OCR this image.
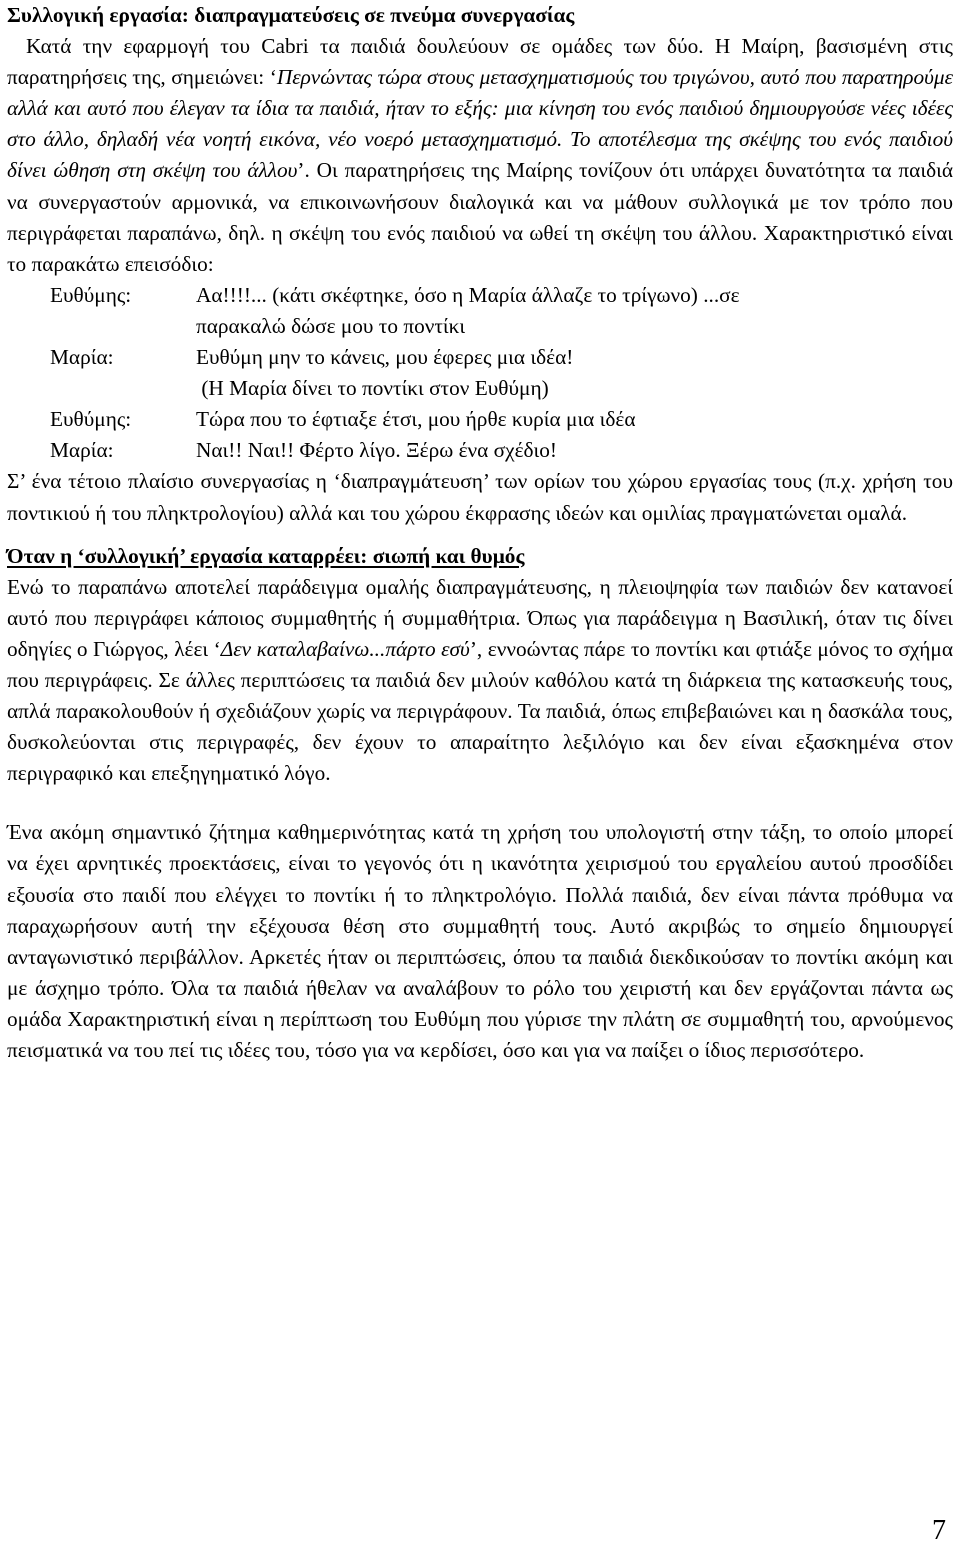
Συλλογική εργασία: διαπραγματεύσεις σε πνεύμα συνεργασίας

Κατά την εφαρμογή του Cabri τα παιδιά δουλεύουν σε ομάδες των δύο. Η Μαίρη, βασισμένη στις παρατηρήσεις της, σημειώνει: ‘Περνώντας τώρα στους μετασχηματισμούς του τριγώνου, αυτό που παρατηρούμε αλλά και αυτό που έλεγαν τα ίδια τα παιδιά, ήταν το εξής: μια κίνηση του ενός παιδιού δημιουργούσε νέες ιδέες στο άλλο, δηλαδή νέα νοητή εικόνα, νέο νοερό μετασχηματισμό. Το αποτέλεσμα της σκέψης του ενός παιδιού δίνει ώθηση στη σκέψη του άλλου’. Οι παρατηρήσεις της Μαίρης τονίζουν ότι υπάρχει δυνατότητα τα παιδιά να συνεργαστούν αρμονικά, να επικοινωνήσουν διαλογικά και να μάθουν συλλογικά με τον τρόπο που περιγράφεται παραπάνω, δηλ. η σκέψη του ενός παιδιού να ωθεί τη σκέψη του άλλου. Χαρακτηριστικό είναι το παρακάτω επεισόδιο:

Ευθύμης:	Αα!!!!... (κάτι σκέφτηκε, όσο η Μαρία άλλαζε το τρίγωνο) ...σε
παρακαλώ δώσε μου το ποντίκι
Μαρία:	Ευθύμη μην το κάνεις, μου έφερες μια ιδέα!
(Η Μαρία δίνει το ποντίκι στον Ευθύμη)
Ευθύμης:	Τώρα που το έφτιαξε έτσι, μου ήρθε κυρία μια ιδέα
Μαρία:	Ναι!! Ναι!! Φέρτο λίγο. Ξέρω ένα σχέδιο!

Σ’ ένα τέτοιο πλαίσιο συνεργασίας η ‘διαπραγμάτευση’ των ορίων του χώρου εργασίας τους (π.χ. χρήση του ποντικιού ή του πληκτρολογίου) αλλά και του χώρου έκφρασης ιδεών και ομιλίας πραγματώνεται ομαλά.

Όταν η ‘συλλογική’ εργασία καταρρέει: σιωπή και θυμός

Ενώ το παραπάνω αποτελεί παράδειγμα ομαλής διαπραγμάτευσης, η πλειοψηφία των παιδιών δεν κατανοεί αυτό που περιγράφει κάποιος συμμαθητής ή συμμαθήτρια. Όπως για παράδειγμα η Βασιλική, όταν τις δίνει οδηγίες ο Γιώργος, λέει ‘Δεν καταλαβαίνω...πάρτο εσύ’, εννοώντας πάρε το ποντίκι και φτιάξε μόνος το σχήμα που περιγράφεις. Σε άλλες περιπτώσεις τα παιδιά δεν μιλούν καθόλου κατά τη διάρκεια της κατασκευής τους, απλά παρακολουθούν ή σχεδιάζουν χωρίς να περιγράφουν. Τα παιδιά, όπως επιβεβαιώνει και η δασκάλα τους, δυσκολεύονται στις περιγραφές, δεν έχουν το απαραίτητο λεξιλόγιο και δεν είναι εξασκημένα στον περιγραφικό και επεξηγηματικό λόγο.

Ένα ακόμη σημαντικό ζήτημα καθημερινότητας κατά τη χρήση του υπολογιστή στην τάξη, το οποίο μπορεί να έχει αρνητικές προεκτάσεις, είναι το γεγονός ότι η ικανότητα χειρισμού του εργαλείου αυτού προσδίδει εξουσία στο παιδί που ελέγχει το ποντίκι ή το πληκτρολόγιο. Πολλά παιδιά, δεν είναι πάντα πρόθυμα να παραχωρήσουν αυτή την εξέχουσα θέση στο συμμαθητή τους. Αυτό ακριβώς το σημείο δημιουργεί ανταγωνιστικό περιβάλλον. Αρκετές ήταν οι περιπτώσεις, όπου τα παιδιά διεκδικούσαν το ποντίκι ακόμη και με άσχημο τρόπο. Όλα τα παιδιά ήθελαν να αναλάβουν το ρόλο του χειριστή και δεν εργάζονται πάντα ως ομάδα Χαρακτηριστική είναι η περίπτωση του Ευθύμη που γύρισε την πλάτη σε συμμαθητή του, αρνούμενος πεισματικά να του πεί τις ιδέες του, τόσο για να κερδίσει, όσο και για να παίξει ο ίδιος περισσότερο.

7
